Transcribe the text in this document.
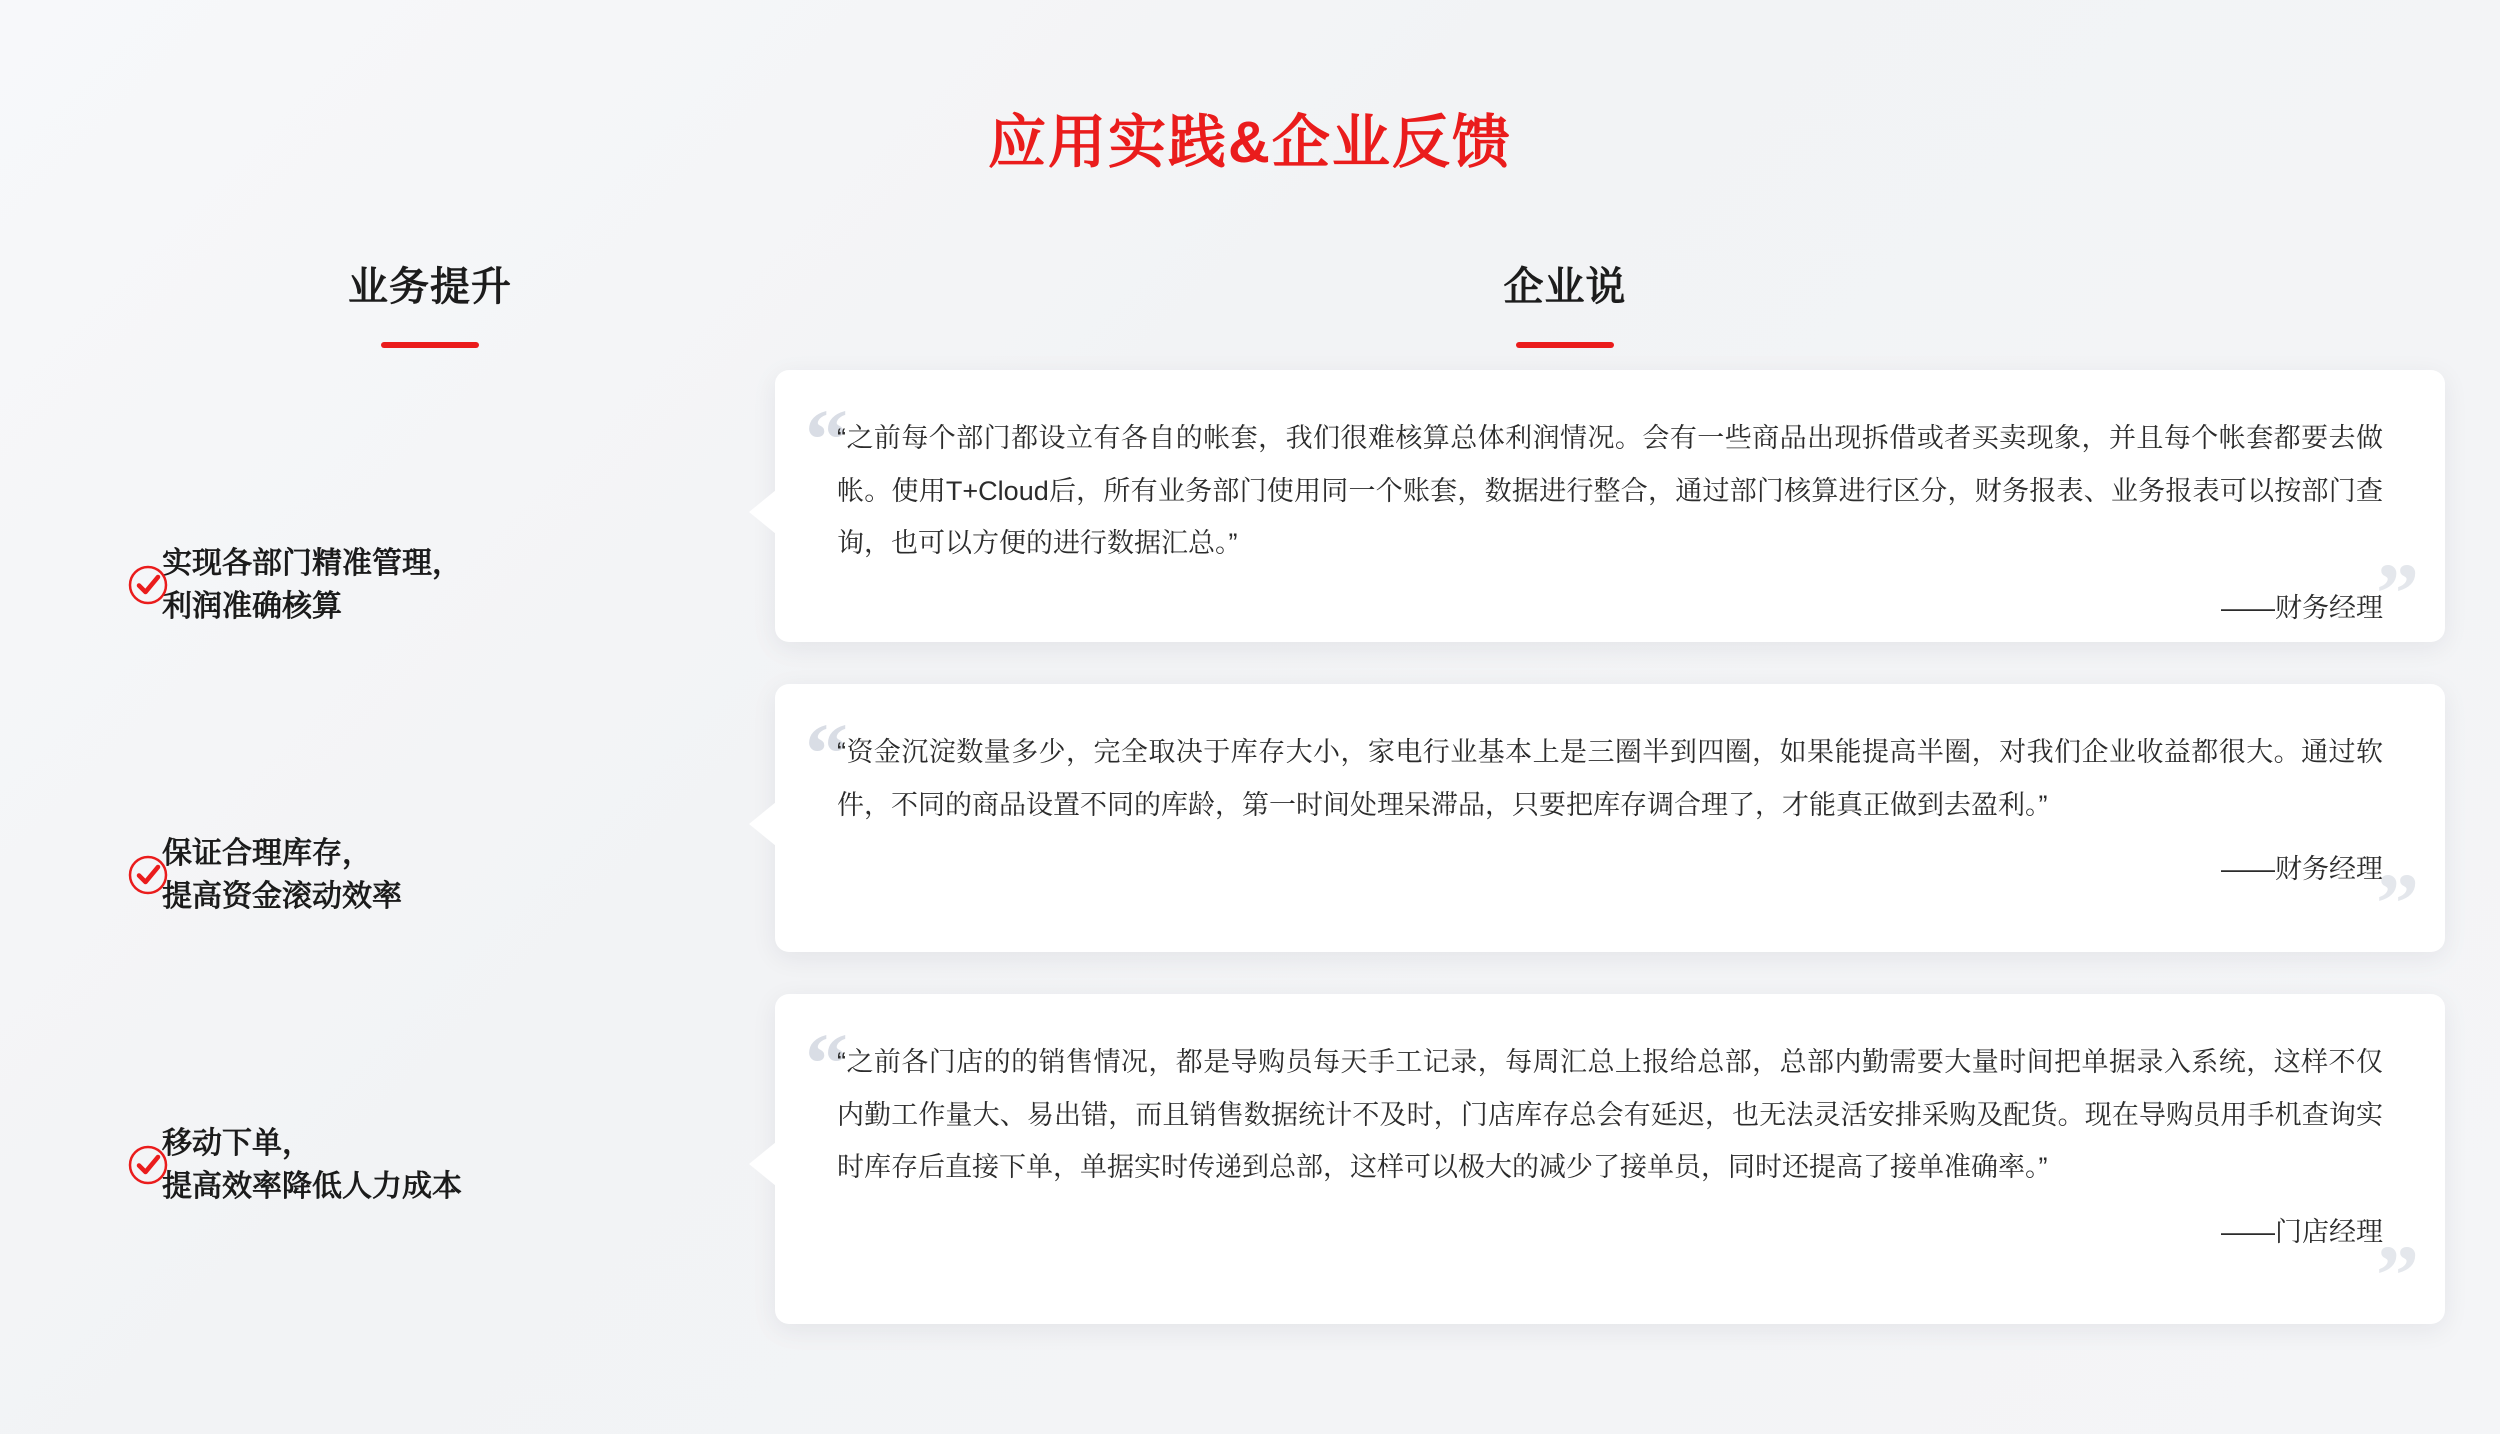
应用实践&企业反馈
业务提升	企业说
实现各部门精准管理，
利润准确核算
保证合理库存，
提高资金滚动效率
移动下单，
提高效率降低人力成本
“
“之前每个部门都设立有各自的帐套，我们很难核算总体利润情况。会有一些商品出现拆借或者买卖现象，并且每个帐套都要去做帐。使用T+Cloud后，所有业务部门使用同一个账套，数据进行整合，通过部门核算进行区分，财务报表、业务报表可以按部门查询，也可以方便的进行数据汇总。”
——财务经理
”
“
“资金沉淀数量多少，完全取决于库存大小，家电行业基本上是三圈半到四圈，如果能提高半圈，对我们企业收益都很大。通过软件，不同的商品设置不同的库龄，第一时间处理呆滞品，只要把库存调合理了，才能真正做到去盈利。”
——财务经理
”
“
“之前各门店的的销售情况，都是导购员每天手工记录，每周汇总上报给总部，总部内勤需要大量时间把单据录入系统，这样不仅内勤工作量大、易出错，而且销售数据统计不及时，门店库存总会有延迟，也无法灵活安排采购及配货。现在导购员用手机查询实时库存后直接下单，单据实时传递到总部，这样可以极大的减少了接单员，同时还提高了接单准确率。”
——门店经理
”
